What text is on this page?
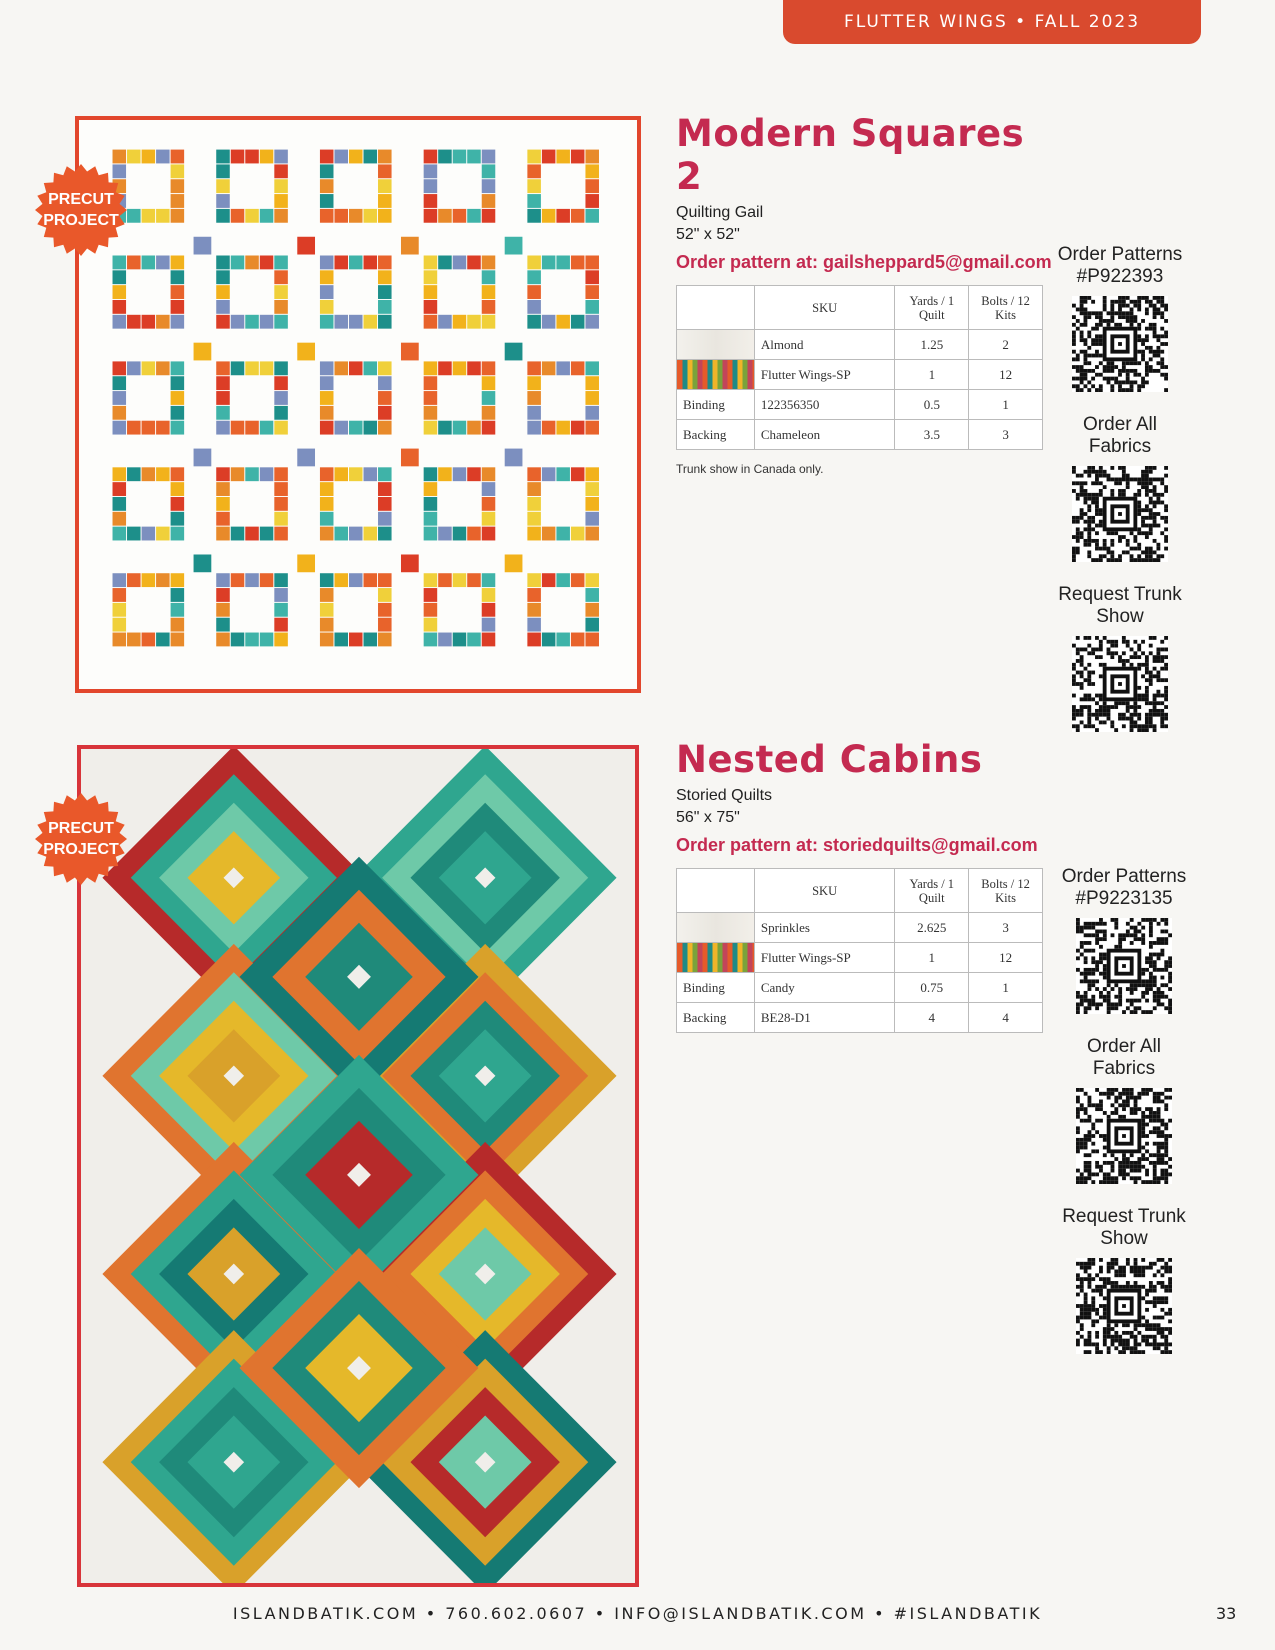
FLUTTER WINGS • FALL 2023
PRECUT
PROJECT
Modern Squares 2
Quilting Gail
52" x 52"
Order pattern at: gailsheppard5@gmail.com
	SKU	Yards / 1 Quilt	Bolts / 12 Kits
	Almond	1.25	2
	Flutter Wings-SP	1	12
Binding	122356350	0.5	1
Backing	Chameleon	3.5	3
Trunk show in Canada only.
Order Patterns
#P922393
Order All
Fabrics
Request Trunk
Show
PRECUT
PROJECT
Nested Cabins
Storied Quilts
56" x 75"
Order pattern at: storiedquilts@gmail.com
	SKU	Yards / 1 Quilt	Bolts / 12 Kits
	Sprinkles	2.625	3
	Flutter Wings-SP	1	12
Binding	Candy	0.75	1
Backing	BE28-D1	4	4
Order Patterns
#P9223135
Order All
Fabrics
Request Trunk
Show
ISLANDBATIK.COM • 760.602.0607 • INFO@ISLANDBATIK.COM • #ISLANDBATIK	33
